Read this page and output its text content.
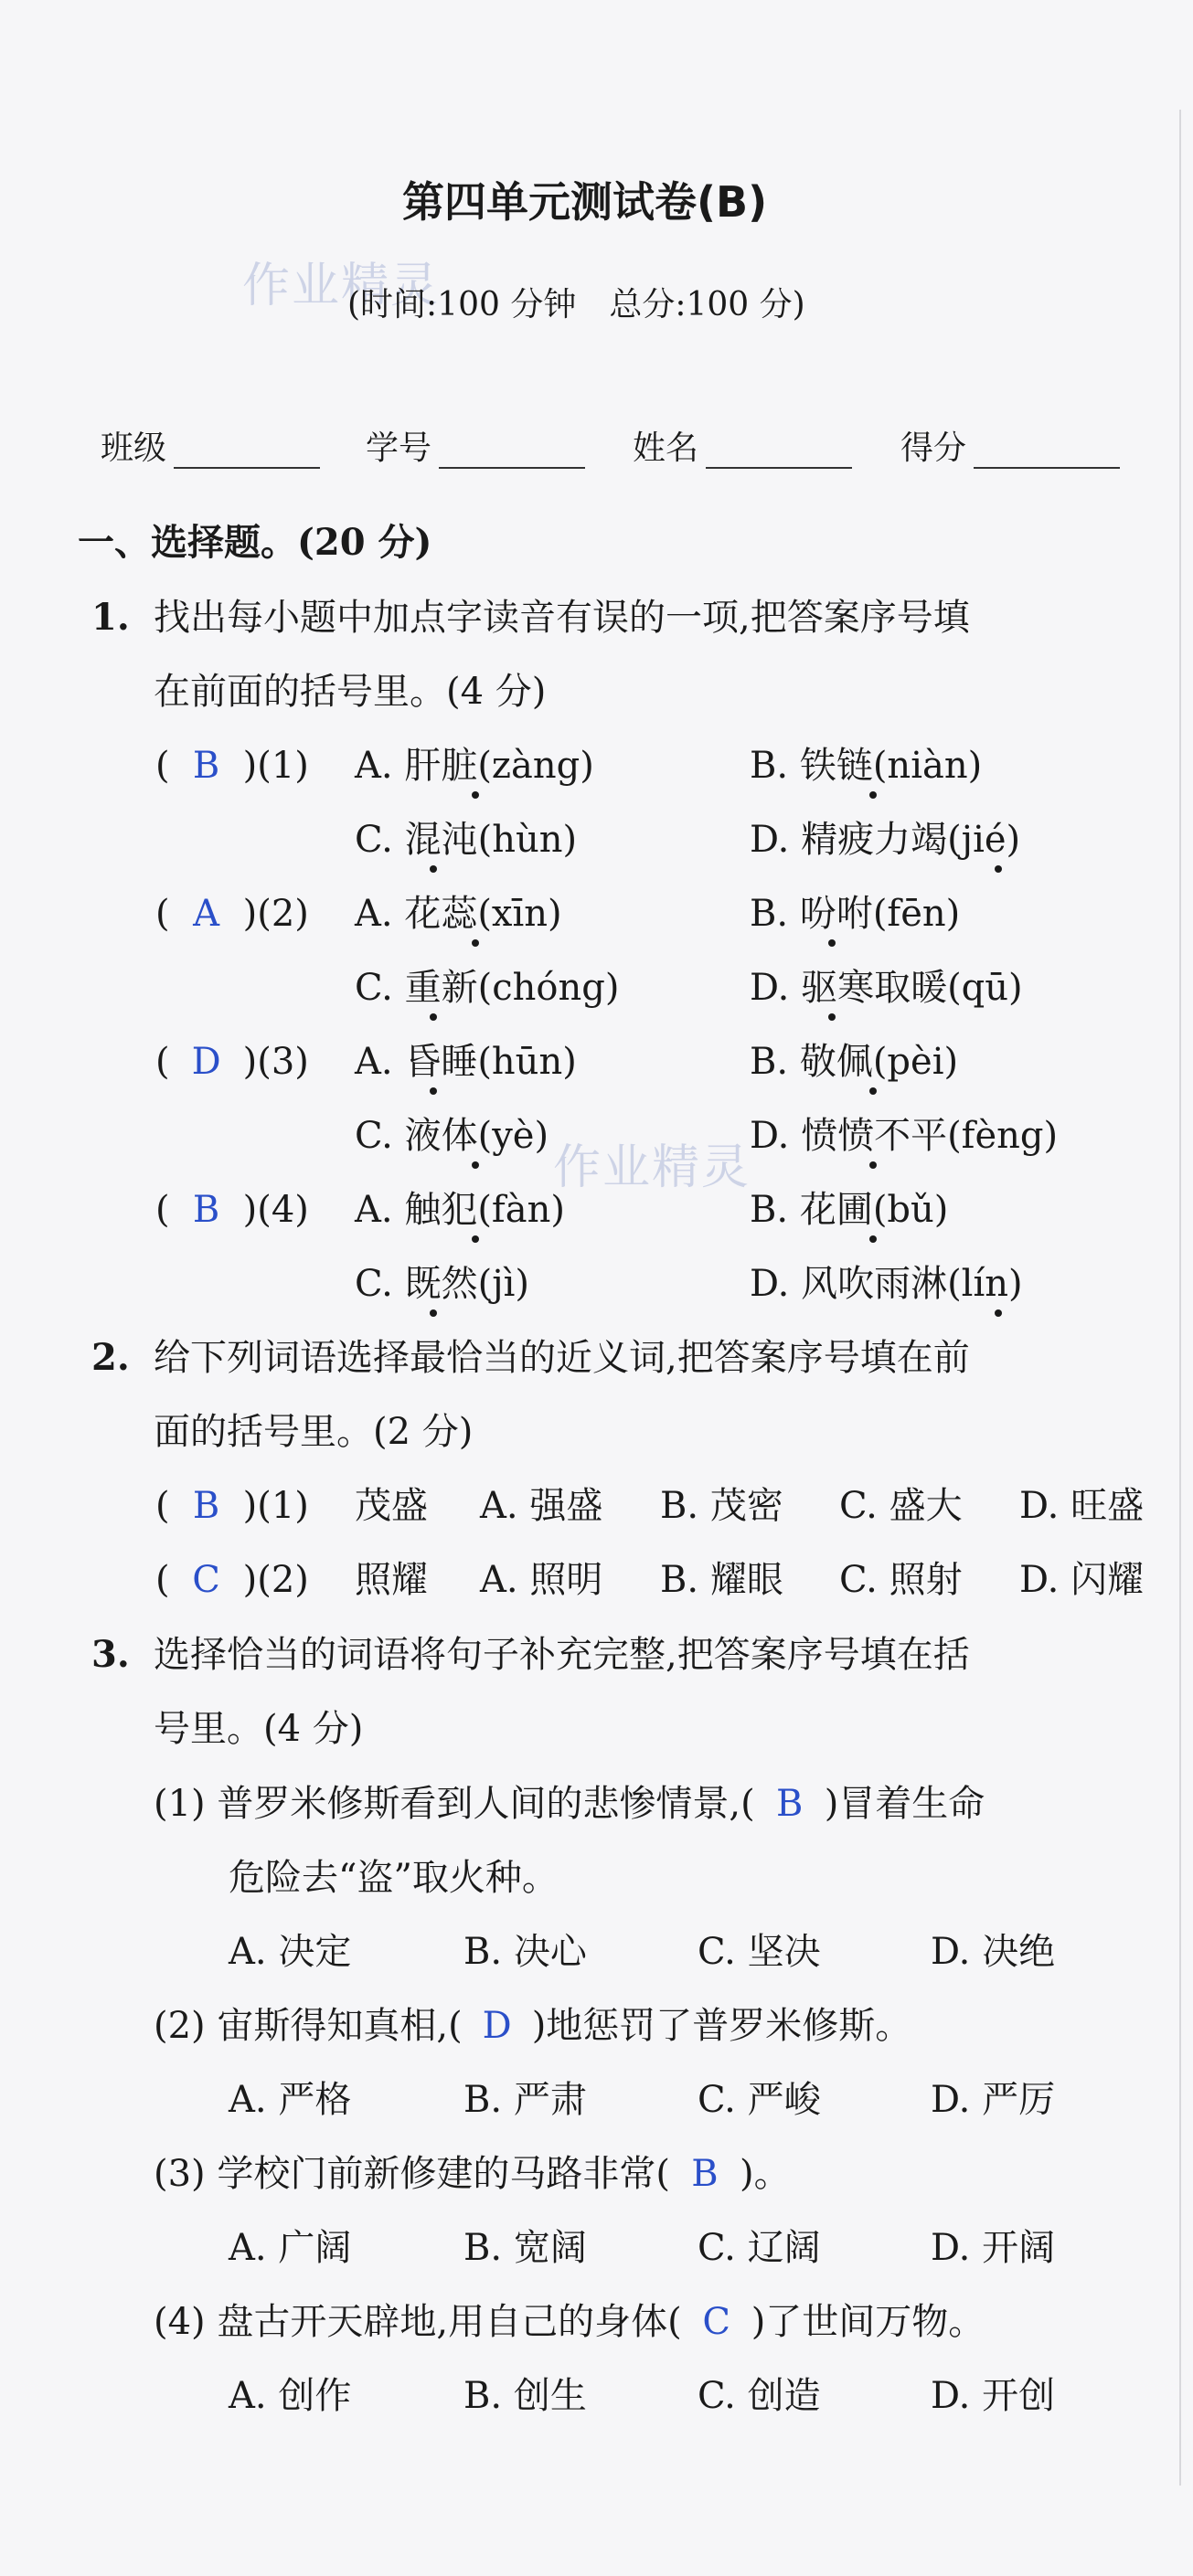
作业精灵
作业精灵
第四单元测试卷(B)
(时间:100 分钟　总分:100 分)
班级	学号	姓名	得分
一、选择题。(20 分)
1. 找出每小题中加点字读音有误的一项,把答案序号填
在前面的括号里。(4 分)
( B )(1) A. 肝脏(zàng)	B. 铁链(niàn)
C. 混沌(hùn)	D. 精疲力竭(jié)
( A )(2) A. 花蕊(xīn)	B. 吩咐(fēn)
C. 重新(chóng)	D. 驱寒取暖(qū)
( D )(3) A. 昏睡(hūn)	B. 敬佩(pèi)
C. 液体(yè)	D. 愤愤不平(fèng)
( B )(4) A. 触犯(fàn)	B. 花圃(bǔ)
C. 既然(jì)	D. 风吹雨淋(lín)
2. 给下列词语选择最恰当的近义词,把答案序号填在前
面的括号里。(2 分)
( B )(1) 茂盛 A. 强盛 B. 茂密 C. 盛大 D. 旺盛
( C )(2) 照耀 A. 照明 B. 耀眼 C. 照射 D. 闪耀
3. 选择恰当的词语将句子补充完整,把答案序号填在括
号里。(4 分)
(1) 普罗米修斯看到人间的悲惨情景,( B )冒着生命
危险去“盗”取火种。
A. 决定	B. 决心	C. 坚决	D. 决绝
(2) 宙斯得知真相,( D )地惩罚了普罗米修斯。
A. 严格	B. 严肃	C. 严峻	D. 严厉
(3) 学校门前新修建的马路非常( B )。
A. 广阔	B. 宽阔	C. 辽阔	D. 开阔
(4) 盘古开天辟地,用自己的身体( C )了世间万物。
A. 创作	B. 创生	C. 创造	D. 开创
